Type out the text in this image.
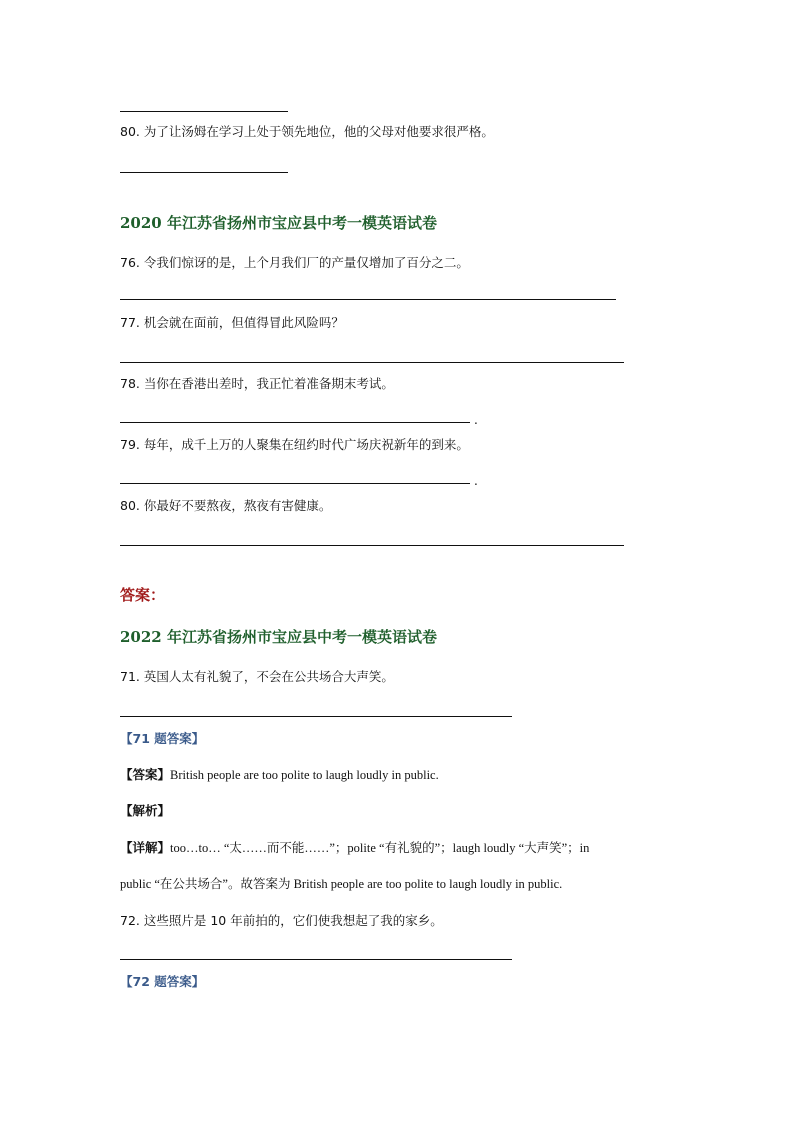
80. 为了让汤姆在学习上处于领先地位，他的父母对他要求很严格。
2020 年江苏省扬州市宝应县中考一模英语试卷
76. 令我们惊讶的是，上个月我们厂的产量仅增加了百分之二。
77. 机会就在面前，但值得冒此风险吗？
78. 当你在香港出差时，我正忙着准备期末考试。
.
79. 每年，成千上万的人聚集在纽约时代广场庆祝新年的到来。
.
80. 你最好不要熬夜，熬夜有害健康。
答案：
2022 年江苏省扬州市宝应县中考一模英语试卷
71. 英国人太有礼貌了，不会在公共场合大声笑。
【71 题答案】
【答案】British people are too polite to laugh loudly in public.
【解析】
【详解】too…to… “太……而不能……”；polite “有礼貌的”；laugh loudly “大声笑”；in
public “在公共场合”。故答案为 British people are too polite to laugh loudly in public.
72. 这些照片是 10 年前拍的，它们使我想起了我的家乡。
【72 题答案】
